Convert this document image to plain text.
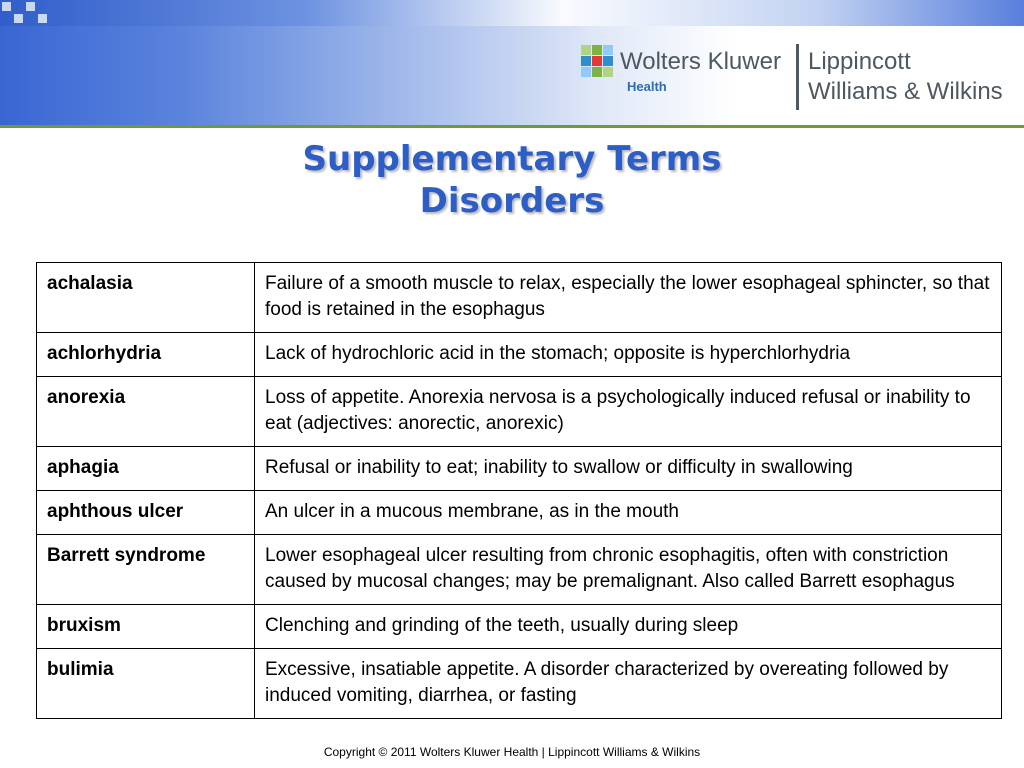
Wolters Kluwer
Health
Lippincott
Williams & Wilkins
Supplementary Terms
Disorders
achalasia	Failure of a smooth muscle to relax, especially the lower esophageal sphincter, so that food is retained in the esophagus
achlorhydria	Lack of hydrochloric acid in the stomach; opposite is hyperchlorhydria
anorexia	Loss of appetite. Anorexia nervosa is a psychologically induced refusal or inability to eat (adjectives: anorectic, anorexic)
aphagia	Refusal or inability to eat; inability to swallow or difficulty in swallowing
aphthous ulcer	An ulcer in a mucous membrane, as in the mouth
Barrett syndrome	Lower esophageal ulcer resulting from chronic esophagitis, often with constriction caused by mucosal changes; may be premalignant. Also called Barrett esophagus
bruxism	Clenching and grinding of the teeth, usually during sleep
bulimia	Excessive, insatiable appetite. A disorder characterized by overeating followed by induced vomiting, diarrhea, or fasting
Copyright © 2011 Wolters Kluwer Health | Lippincott Williams & Wilkins
